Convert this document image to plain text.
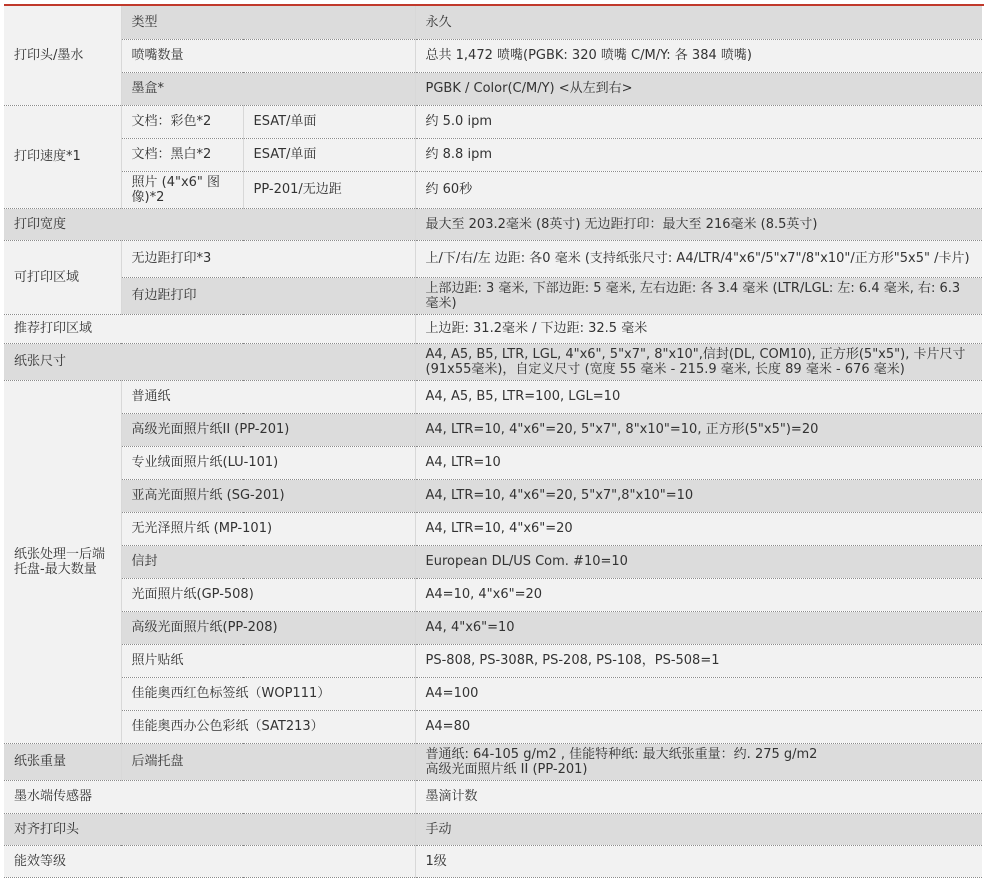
打印头/墨水	类型		永久
	喷嘴数量		总共 1,472 喷嘴(PGBK: 320 喷嘴 C/M/Y: 各 384 喷嘴)
	墨盒*		PGBK / Color(C/M/Y) <从左到右>
打印速度*1	文档：彩色*2	ESAT/单面	约 5.0 ipm
	文档：黑白*2	ESAT/单面	约 8.8 ipm
	照片 (4"x6" 图像)*2	PP-201/无边距	约 60秒
打印宽度			最大至 203.2毫米 (8英寸) 无边距打印：最大至 216毫米 (8.5英寸)
可打印区域	无边距打印*3		上/下/右/左 边距: 各0 毫米 (支持纸张尺寸: A4/LTR/4"x6"/5"x7"/8"x10"/正方形"5x5" /卡片)
	有边距打印		上部边距: 3 毫米, 下部边距: 5 毫米, 左右边距: 各 3.4 毫米 (LTR/LGL: 左: 6.4 毫米, 右: 6.3 毫米)
推荐打印区域			上边距: 31.2毫米 / 下边距: 32.5 毫米
纸张尺寸			A4, A5, B5, LTR, LGL, 4"x6", 5"x7", 8"x10",信封(DL, COM10), 正方形(5"x5"), 卡片尺寸 (91x55毫米)，自定义尺寸 (宽度 55 毫米 - 215.9 毫米, 长度 89 毫米 - 676 毫米)
纸张处理一后端托盘-最大数量	普通纸		A4, A5, B5, LTR=100, LGL=10
	高级光面照片纸II (PP-201)		A4, LTR=10, 4"x6"=20, 5"x7", 8"x10"=10, 正方形(5"x5")=20
	专业绒面照片纸(LU-101)		A4, LTR=10
	亚高光面照片纸 (SG-201)		A4, LTR=10, 4"x6"=20, 5"x7",8"x10"=10
	无光泽照片纸 (MP-101)		A4, LTR=10, 4"x6"=20
	信封		European DL/US Com. #10=10
	光面照片纸(GP-508)		A4=10, 4"x6"=20
	高级光面照片纸(PP-208)		A4, 4"x6"=10
	照片贴纸		PS-808, PS-308R, PS-208, PS-108，PS-508=1
	佳能奥西红色标签纸（WOP111）		A4=100
	佳能奥西办公色彩纸（SAT213）		A4=80
纸张重量	后端托盘		普通纸: 64-105 g/m2 , 佳能特种纸: 最大纸张重量：约. 275 g/m2
高级光面照片纸 II (PP-201)
墨水端传感器			墨滴计数
对齐打印头			手动
能效等级			1级
